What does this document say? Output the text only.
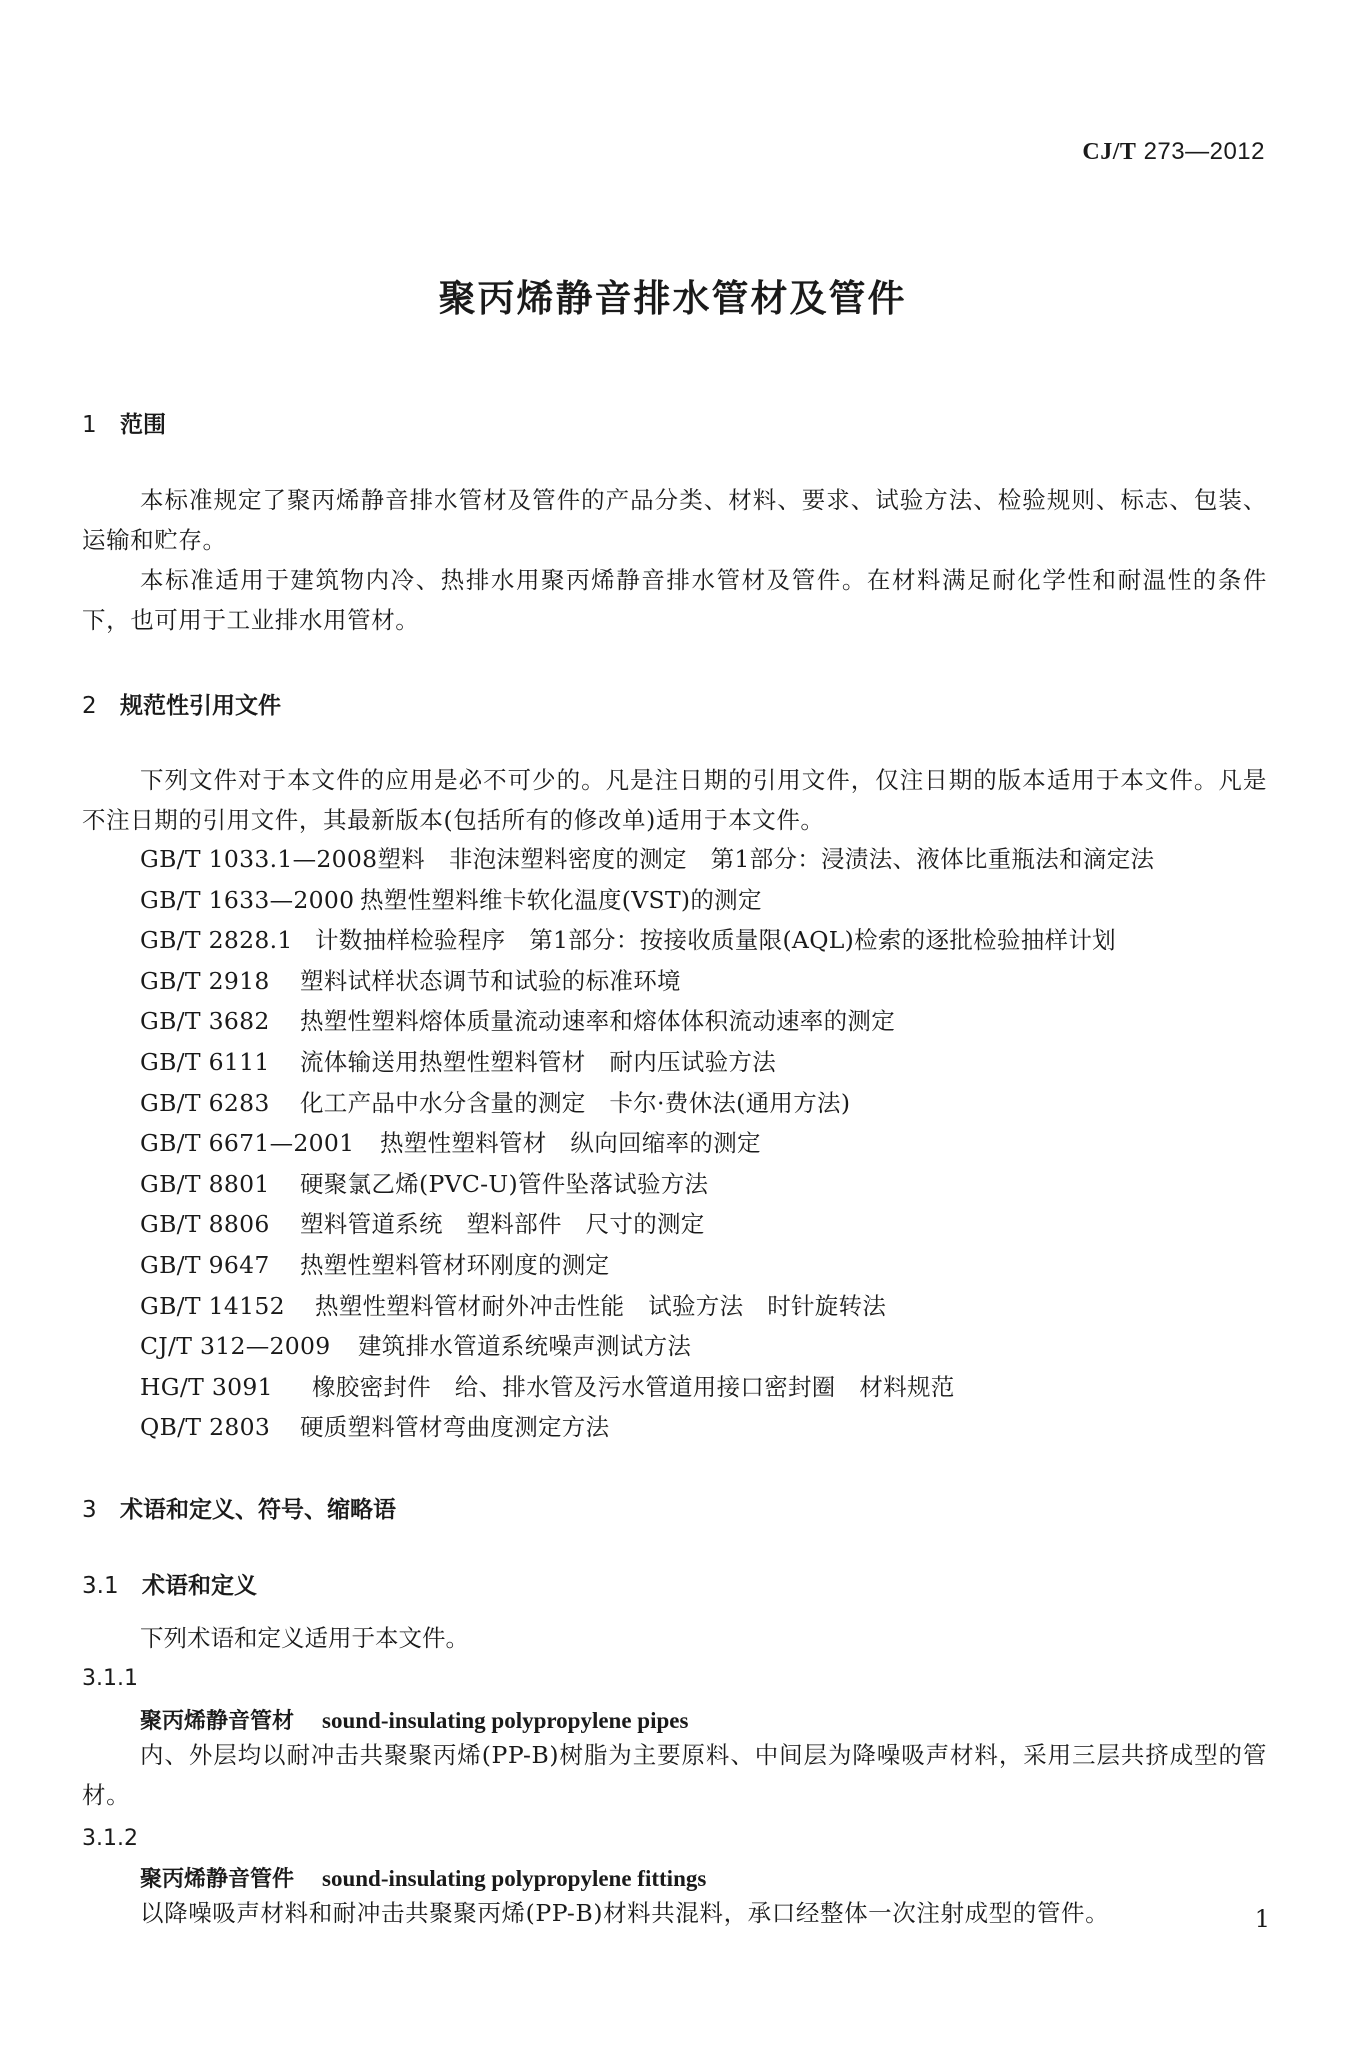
CJ/T 273—2012
聚丙烯静音排水管材及管件
1 范围

本标准规定了聚丙烯静音排水管材及管件的产品分类、材料、要求、试验方法、检验规则、标志、包装、运输和贮存。

本标准适用于建筑物内冷、热排水用聚丙烯静音排水管材及管件。在材料满足耐化学性和耐温性的条件下，也可用于工业排水用管材。

2 规范性引用文件

下列文件对于本文件的应用是必不可少的。凡是注日期的引用文件，仅注日期的版本适用于本文件。凡是不注日期的引用文件，其最新版本(包括所有的修改单)适用于本文件。

GB/T 1033.1—2008塑料　非泡沫塑料密度的测定　第1部分：浸渍法、液体比重瓶法和滴定法
GB/T 1633—2000 热塑性塑料维卡软化温度(VST)的测定
GB/T 2828.1 计数抽样检验程序　第1部分：按接收质量限(AQL)检索的逐批检验抽样计划
GB/T 2918 塑料试样状态调节和试验的标准环境
GB/T 3682 热塑性塑料熔体质量流动速率和熔体体积流动速率的测定
GB/T 6111 流体输送用热塑性塑料管材　耐内压试验方法
GB/T 6283 化工产品中水分含量的测定　卡尔·费休法(通用方法)
GB/T 6671—2001 热塑性塑料管材　纵向回缩率的测定
GB/T 8801 硬聚氯乙烯(PVC-U)管件坠落试验方法
GB/T 8806 塑料管道系统　塑料部件　尺寸的测定
GB/T 9647 热塑性塑料管材环刚度的测定
GB/T 14152 热塑性塑料管材耐外冲击性能　试验方法　时针旋转法
CJ/T 312—2009 建筑排水管道系统噪声测试方法
HG/T 3091 橡胶密封件　给、排水管及污水管道用接口密封圈　材料规范
QB/T 2803 硬质塑料管材弯曲度测定方法
3 术语和定义、符号、缩略语
3.1 术语和定义
下列术语和定义适用于本文件。
3.1.1
聚丙烯静音管材 sound-insulating polypropylene pipes

内、外层均以耐冲击共聚聚丙烯(PP-B)树脂为主要原料、中间层为降噪吸声材料，采用三层共挤成型的管材。

3.1.2
聚丙烯静音管件 sound-insulating polypropylene fittings

以降噪吸声材料和耐冲击共聚聚丙烯(PP-B)材料共混料，承口经整体一次注射成型的管件。	1
